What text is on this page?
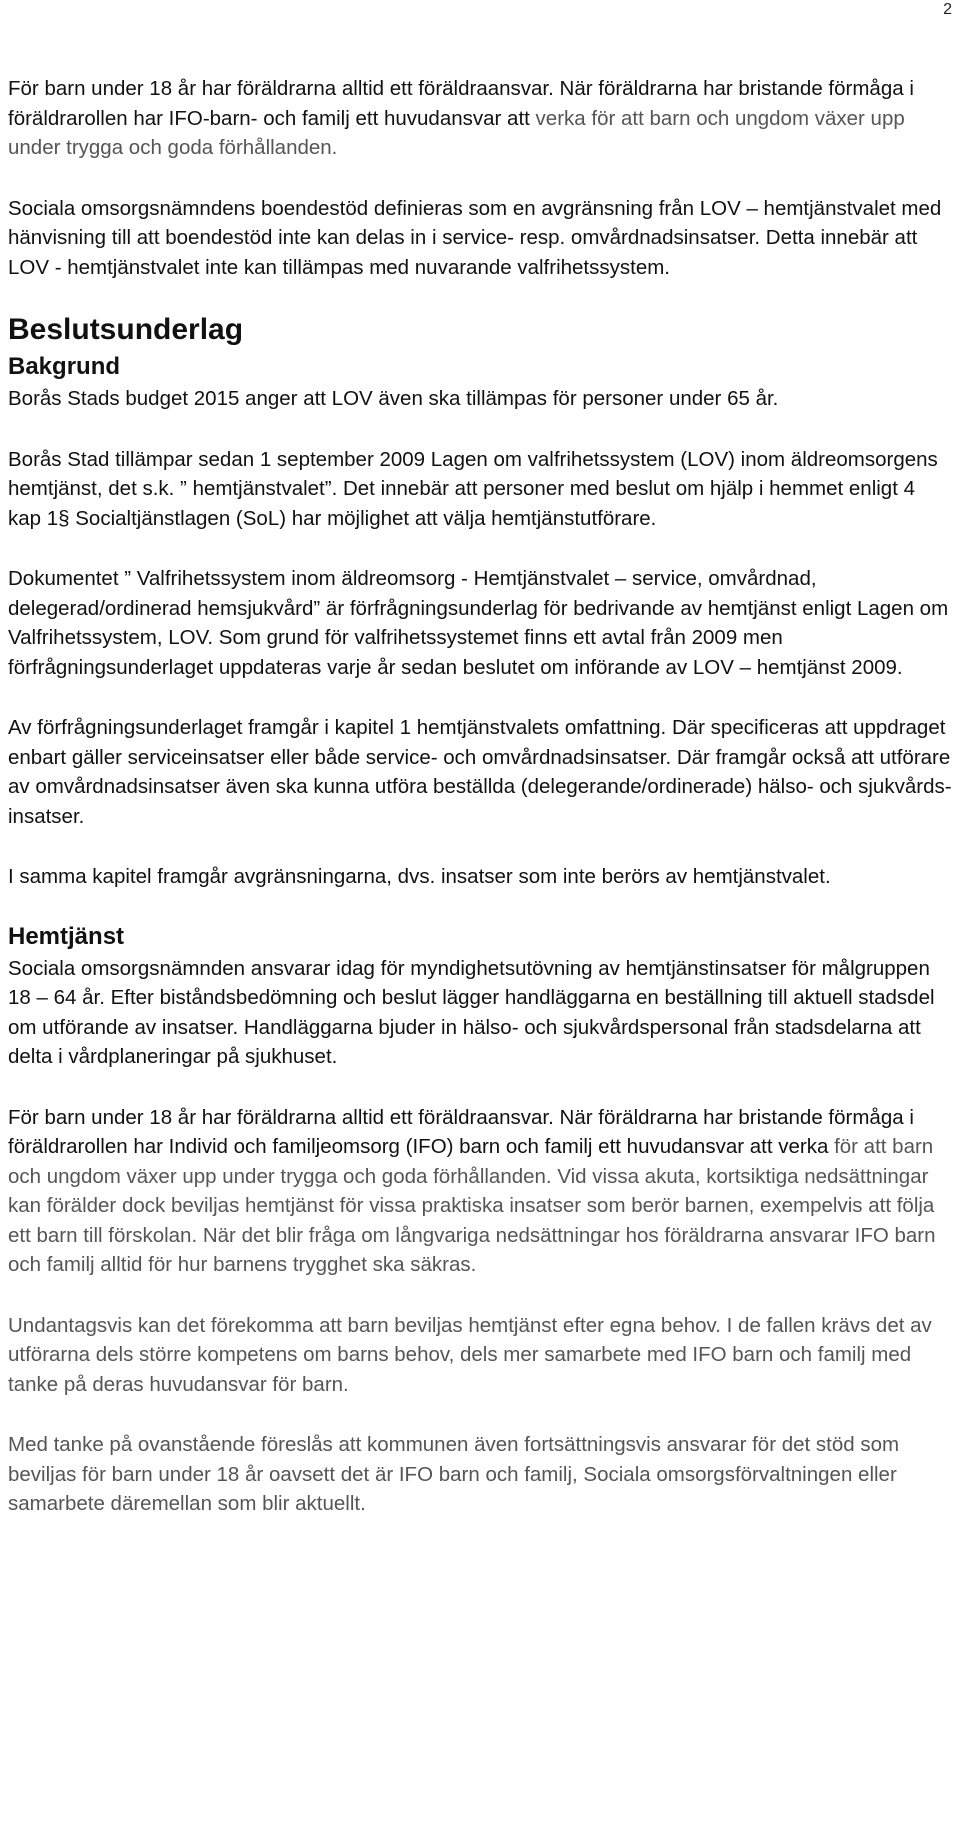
2

För barn under 18 år har föräldrarna alltid ett föräldraansvar. När föräldrarna har bristande förmåga i föräldrarollen har IFO-barn- och familj ett huvudansvar att verka för att barn och ungdom växer upp under trygga och goda förhållanden.

Sociala omsorgsnämndens boendestöd definieras som en avgränsning från LOV – hemtjänstvalet med hänvisning till att boendestöd inte kan delas in i service- resp. omvårdnadsinsatser. Detta innebär att LOV - hemtjänstvalet inte kan tillämpas med nuvarande valfrihetssystem.

Beslutsunderlag
Bakgrund

Borås Stads budget 2015 anger att LOV även ska tillämpas för personer under 65 år.

Borås Stad tillämpar sedan 1 september 2009 Lagen om valfrihetssystem (LOV) inom äldreomsorgens hemtjänst, det s.k. ” hemtjänstvalet”. Det innebär att personer med beslut om hjälp i hemmet enligt 4 kap 1§ Socialtjänstlagen (SoL) har möjlighet att välja hemtjänstutförare.

Dokumentet ” Valfrihetssystem inom äldreomsorg - Hemtjänstvalet – service, omvårdnad, delegerad/ordinerad hemsjukvård” är förfrågningsunderlag för bedrivande av hemtjänst enligt Lagen om Valfrihetssystem, LOV. Som grund för valfrihetssystemet finns ett avtal från 2009 men förfrågningsunderlaget uppdateras varje år sedan beslutet om införande av LOV – hemtjänst 2009.

Av förfrågningsunderlaget framgår i kapitel 1 hemtjänstvalets omfattning. Där specificeras att uppdraget enbart gäller serviceinsatser eller både service- och omvårdnadsinsatser. Där framgår också att utförare av omvårdnadsinsatser även ska kunna utföra beställda (delegerande/ordinerade) hälso- och sjukvårds- insatser.

I samma kapitel framgår avgränsningarna, dvs. insatser som inte berörs av hemtjänstvalet.

Hemtjänst

Sociala omsorgsnämnden ansvarar idag för myndighetsutövning av hemtjänstinsatser för målgruppen 18 – 64 år. Efter biståndsbedömning och beslut lägger handläggarna en beställning till aktuell stadsdel om utförande av insatser. Handläggarna bjuder in hälso- och sjukvårdspersonal från stadsdelarna att delta i vårdplaneringar på sjukhuset.

För barn under 18 år har föräldrarna alltid ett föräldraansvar. När föräldrarna har bristande förmåga i föräldrarollen har Individ och familjeomsorg (IFO) barn och familj ett huvudansvar att verka för att barn och ungdom växer upp under trygga och goda förhållanden. Vid vissa akuta, kortsiktiga nedsättningar kan förälder dock beviljas hemtjänst för vissa praktiska insatser som berör barnen, exempelvis att följa ett barn till förskolan. När det blir fråga om långvariga nedsättningar hos föräldrarna ansvarar IFO barn och familj alltid för hur barnens trygghet ska säkras.

Undantagsvis kan det förekomma att barn beviljas hemtjänst efter egna behov. I de fallen krävs det av utförarna dels större kompetens om barns behov, dels mer samarbete med IFO barn och familj med tanke på deras huvudansvar för barn.

Med tanke på ovanstående föreslås att kommunen även fortsättningsvis ansvarar för det stöd som beviljas för barn under 18 år oavsett det är IFO barn och familj, Sociala omsorgsförvaltningen eller samarbete däremellan som blir aktuellt.
